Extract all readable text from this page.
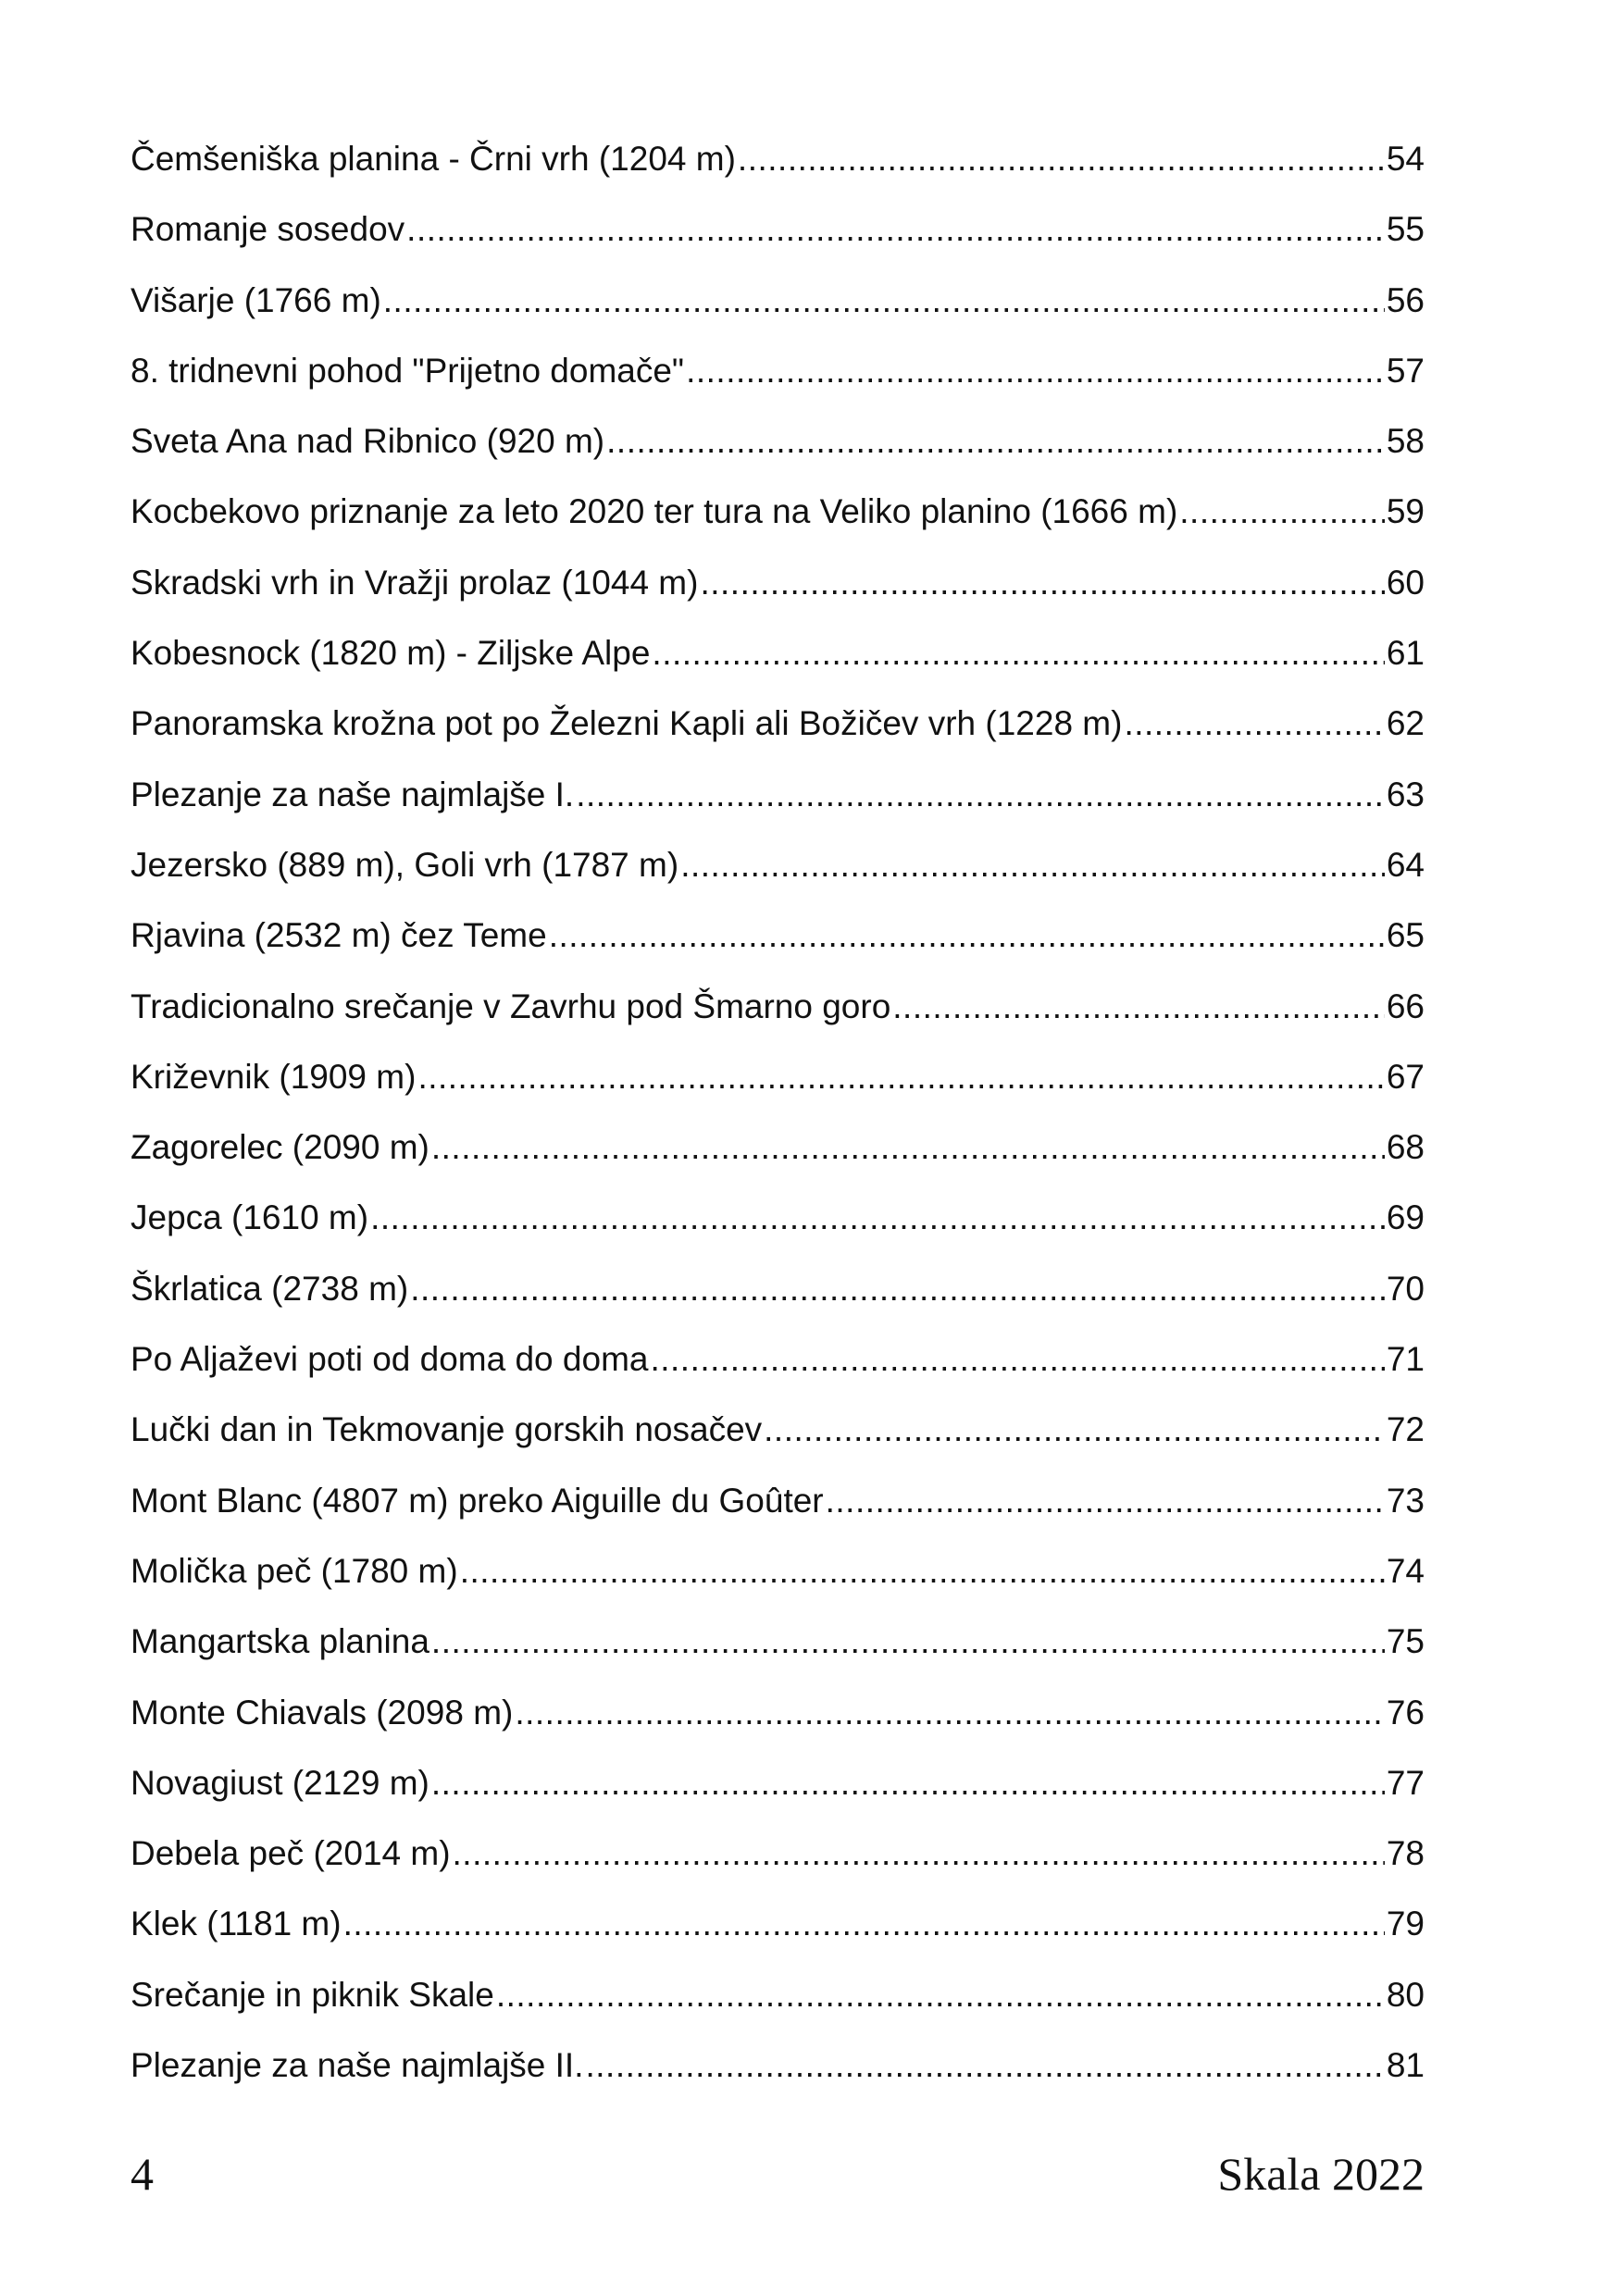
Čemšeniška planina - Črni vrh (1204 m) .....	54
Romanje sosedov .....	55
Višarje (1766 m) .....	56
8. tridnevni pohod "Prijetno domače" .....	57
Sveta Ana nad Ribnico (920 m) .....	58
Kocbekovo priznanje za leto 2020 ter tura na Veliko planino (1666 m) .....	59
Skradski vrh in Vražji prolaz (1044 m) .....	60
Kobesnock (1820 m) - Ziljske Alpe .....	61
Panoramska krožna pot po Železni Kapli ali Božičev vrh (1228 m) .....	62
Plezanje za naše najmlajše I. .....	63
Jezersko (889 m), Goli vrh (1787 m) .....	64
Rjavina (2532 m) čez Teme .....	65
Tradicionalno srečanje v Zavrhu pod Šmarno goro .....	66
Križevnik (1909 m) .....	67
Zagorelec (2090 m) .....	68
Jepca (1610 m) .....	69
Škrlatica (2738 m) .....	70
Po Aljaževi poti od doma do doma .....	71
Lučki dan in Tekmovanje gorskih nosačev .....	72
Mont Blanc (4807 m) preko Aiguille du Goûter .....	73
Molička peč (1780 m) .....	74
Mangartska planina .....	75
Monte Chiavals (2098 m) .....	76
Novagiust (2129 m) .....	77
Debela peč (2014 m) .....	78
Klek (1181 m) .....	79
Srečanje in piknik Skale .....	80
Plezanje za naše najmlajše II. .....	81
4	Skala 2022
